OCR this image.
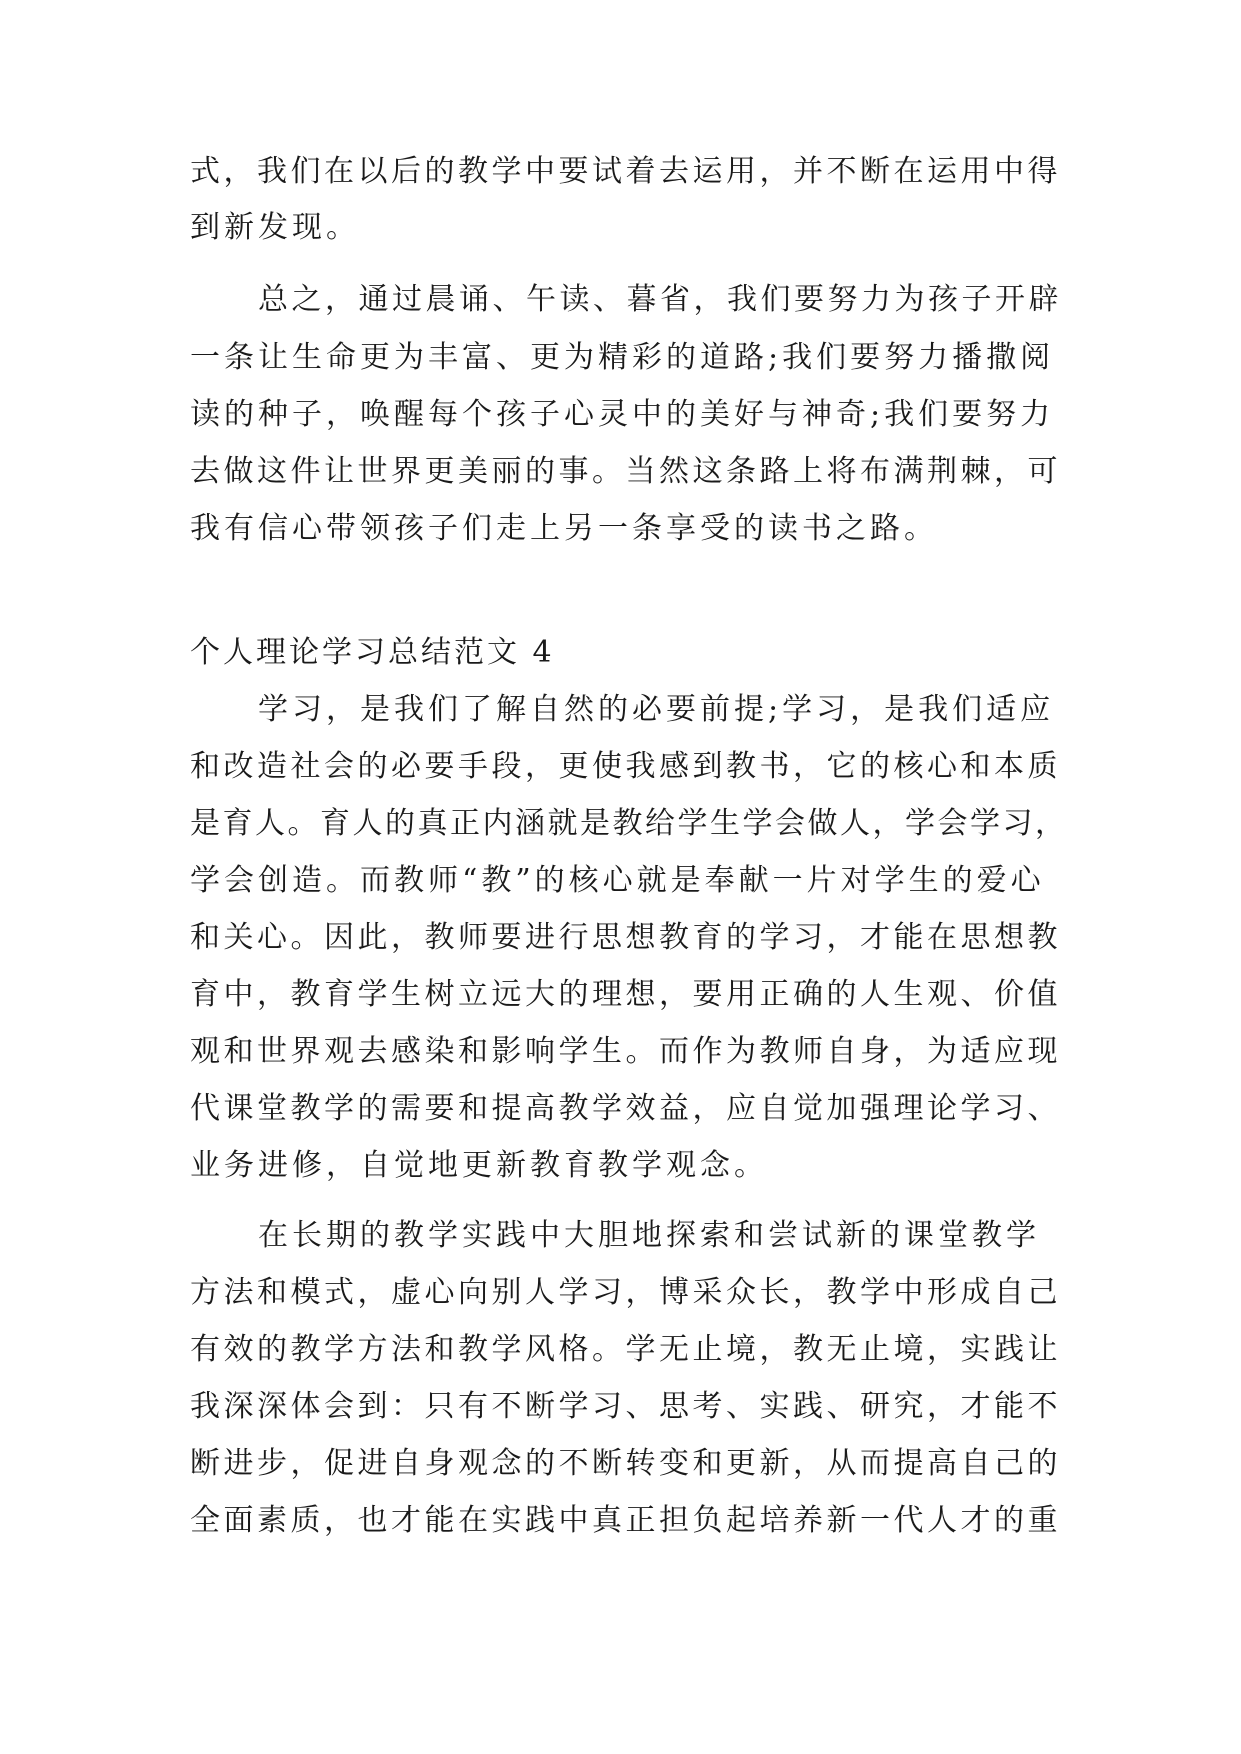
式，我们在以后的教学中要试着去运用，并不断在运用中得
到新发现。
总之，通过晨诵、午读、暮省，我们要努力为孩子开辟
一条让生命更为丰富、更为精彩的道路;我们要努力播撒阅
读的种子，唤醒每个孩子心灵中的美好与神奇;我们要努力
去做这件让世界更美丽的事。当然这条路上将布满荆棘，可
我有信心带领孩子们走上另一条享受的读书之路。
个人理论学习总结范文 4
学习，是我们了解自然的必要前提;学习，是我们适应
和改造社会的必要手段，更使我感到教书，它的核心和本质
是育人。育人的真正内涵就是教给学生学会做人，学会学习，
学会创造。而教师“教”的核心就是奉献一片对学生的爱心
和关心。因此，教师要进行思想教育的学习，才能在思想教
育中，教育学生树立远大的理想，要用正确的人生观、价值
观和世界观去感染和影响学生。而作为教师自身，为适应现
代课堂教学的需要和提高教学效益，应自觉加强理论学习、
业务进修，自觉地更新教育教学观念。
在长期的教学实践中大胆地探索和尝试新的课堂教学
方法和模式，虚心向别人学习，博采众长，教学中形成自己
有效的教学方法和教学风格。学无止境，教无止境，实践让
我深深体会到：只有不断学习、思考、实践、研究，才能不
断进步，促进自身观念的不断转变和更新，从而提高自己的
全面素质，也才能在实践中真正担负起培养新一代人才的重
